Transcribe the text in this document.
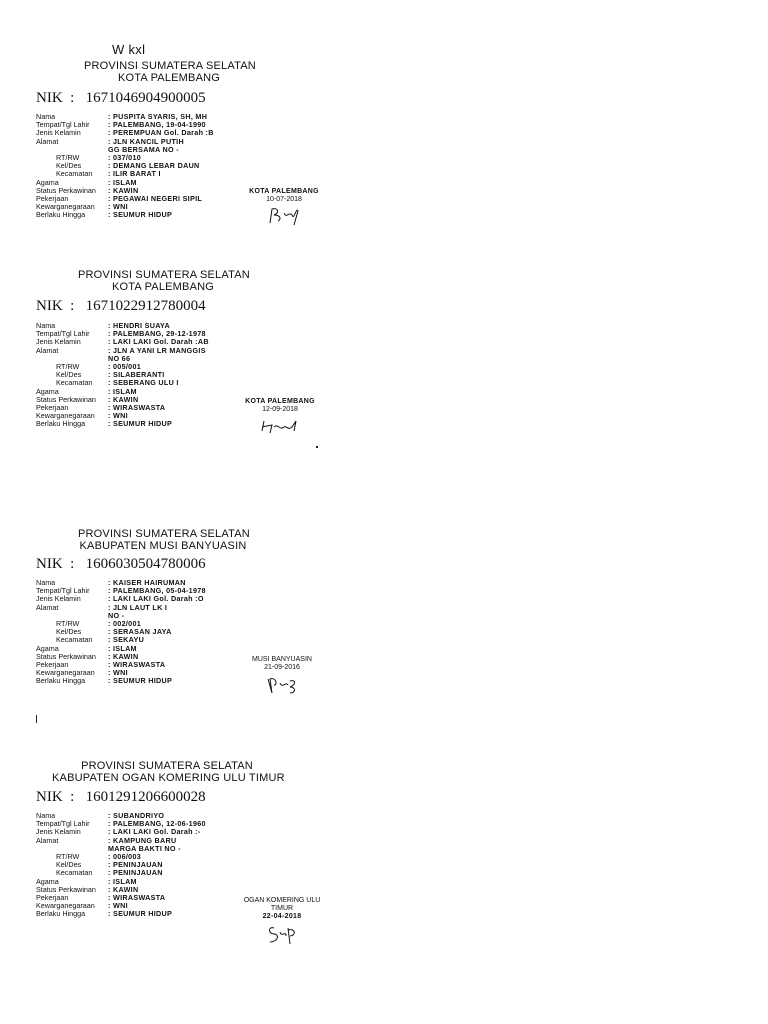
W kxl
PROVINSI SUMATERA SELATAN
KOTA PALEMBANG
NIK  :   1671046904900005
Nama	: PUSPITA SYARIS, SH, MH
Tempat/Tgl Lahir	: PALEMBANG, 19-04-1990
Jenis Kelamin	: PEREMPUAN Gol. Darah :B
Alamat	: JLN KANCIL PUTIH
GG BERSAMA NO -
RT/RW	: 037/010
Kel/Des	: DEMANG LEBAR DAUN
Kecamatan	: ILIR BARAT I
Agama	: ISLAM
Status Perkawinan	: KAWIN
Pekerjaan	: PEGAWAI NEGERI SIPIL
Kewarganegaraan	: WNI
Berlaku Hingga	: SEUMUR HIDUP
KOTA PALEMBANG
10-07-2018
PROVINSI SUMATERA SELATAN
KOTA PALEMBANG
NIK  :   1671022912780004
Nama	: HENDRI SUAYA
Tempat/Tgl Lahir	: PALEMBANG, 29-12-1978
Jenis Kelamin	: LAKI LAKI Gol. Darah :AB
Alamat	: JLN A YANI LR MANGGIS
NO 66
RT/RW	: 005/001
Kel/Des	: SILABERANTI
Kecamatan	: SEBERANG ULU I
Agama	: ISLAM
Status Perkawinan	: KAWIN
Pekerjaan	: WIRASWASTA
Kewarganegaraan	: WNI
Berlaku Hingga	: SEUMUR HIDUP
KOTA PALEMBANG
12-09-2018
PROVINSI SUMATERA SELATAN
KABUPATEN MUSI BANYUASIN
NIK  :   1606030504780006
Nama	: KAISER HAIRUMAN
Tempat/Tgl Lahir	: PALEMBANG, 05-04-1978
Jenis Kelamin	: LAKI LAKI Gol. Darah :O
Alamat	: JLN LAUT LK I
NO -
RT/RW	: 002/001
Kel/Des	: SERASAN JAYA
Kecamatan	: SEKAYU
Agama	: ISLAM
Status Perkawinan	: KAWIN
Pekerjaan	: WIRASWASTA
Kewarganegaraan	: WNI
Berlaku Hingga	: SEUMUR HIDUP
MUSI BANYUASIN
21-09-2016
PROVINSI SUMATERA SELATAN
KABUPATEN OGAN KOMERING ULU TIMUR
NIK  :   1601291206600028
Nama	: SUBANDRIYO
Tempat/Tgl Lahir	: PALEMBANG, 12-06-1960
Jenis Kelamin	: LAKI LAKI Gol. Darah :-
Alamat	: KAMPUNG BARU
MARGA BAKTI NO -
RT/RW	: 006/003
Kel/Des	: PENINJAUAN
Kecamatan	: PENINJAUAN
Agama	: ISLAM
Status Perkawinan	: KAWIN
Pekerjaan	: WIRASWASTA
Kewarganegaraan	: WNI
Berlaku Hingga	: SEUMUR HIDUP
OGAN KOMERING ULU
TIMUR
22-04-2018
